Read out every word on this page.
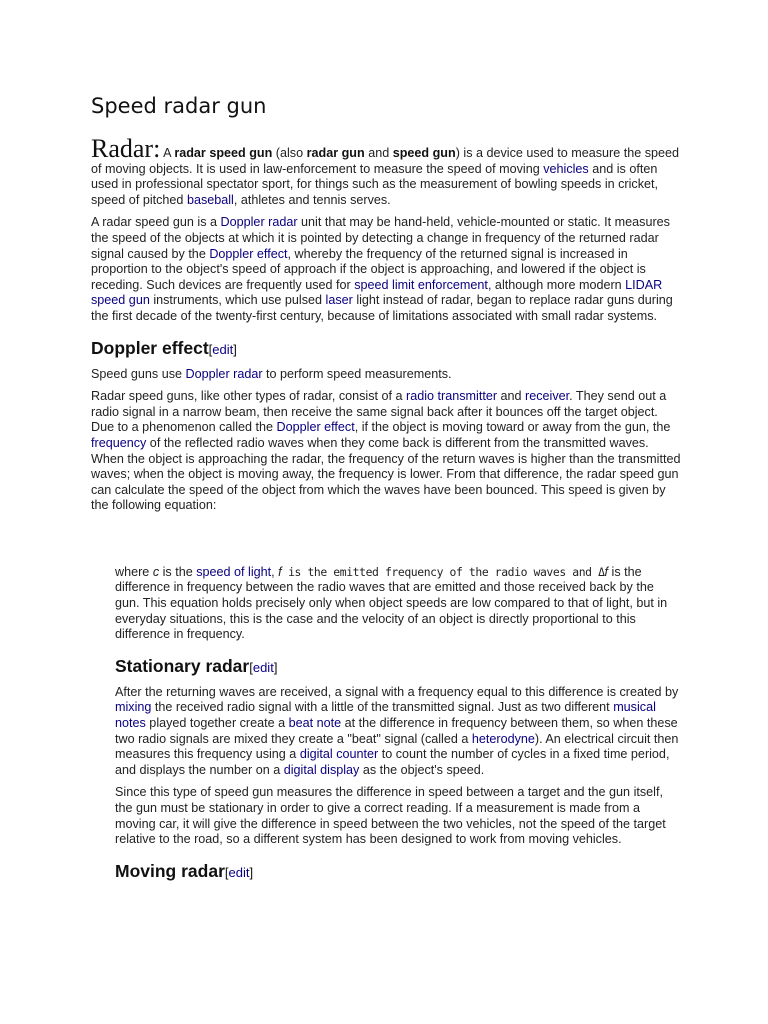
Speed radar gun

Radar: A radar speed gun (also radar gun and speed gun) is a device used to measure the speed of moving objects. It is used in law-enforcement to measure the speed of moving vehicles and is often used in professional spectator sport, for things such as the measurement of bowling speeds in cricket, speed of pitched baseball, athletes and tennis serves.

A radar speed gun is a Doppler radar unit that may be hand-held, vehicle-mounted or static. It measures the speed of the objects at which it is pointed by detecting a change in frequency of the returned radar signal caused by the Doppler effect, whereby the frequency of the returned signal is increased in proportion to the object's speed of approach if the object is approaching, and lowered if the object is receding. Such devices are frequently used for speed limit enforcement, although more modern LIDAR speed gun instruments, which use pulsed laser light instead of radar, began to replace radar guns during the first decade of the twenty-first century, because of limitations associated with small radar systems.

Doppler effect[edit]

Speed guns use Doppler radar to perform speed measurements.

Radar speed guns, like other types of radar, consist of a radio transmitter and receiver. They send out a radio signal in a narrow beam, then receive the same signal back after it bounces off the target object. Due to a phenomenon called the Doppler effect, if the object is moving toward or away from the gun, the frequency of the reflected radio waves when they come back is different from the transmitted waves. When the object is approaching the radar, the frequency of the return waves is higher than the transmitted waves; when the object is moving away, the frequency is lower. From that difference, the radar speed gun can calculate the speed of the object from which the waves have been bounced. This speed is given by the following equation:

where c is the speed of light, f is the emitted frequency of the radio waves and Δf is the difference in frequency between the radio waves that are emitted and those received back by the gun. This equation holds precisely only when object speeds are low compared to that of light, but in everyday situations, this is the case and the velocity of an object is directly proportional to this difference in frequency.

Stationary radar[edit]

After the returning waves are received, a signal with a frequency equal to this difference is created by mixing the received radio signal with a little of the transmitted signal. Just as two different musical notes played together create a beat note at the difference in frequency between them, so when these two radio signals are mixed they create a "beat" signal (called a heterodyne). An electrical circuit then measures this frequency using a digital counter to count the number of cycles in a fixed time period, and displays the number on a digital display as the object's speed.

Since this type of speed gun measures the difference in speed between a target and the gun itself, the gun must be stationary in order to give a correct reading. If a measurement is made from a moving car, it will give the difference in speed between the two vehicles, not the speed of the target relative to the road, so a different system has been designed to work from moving vehicles.

Moving radar[edit]
